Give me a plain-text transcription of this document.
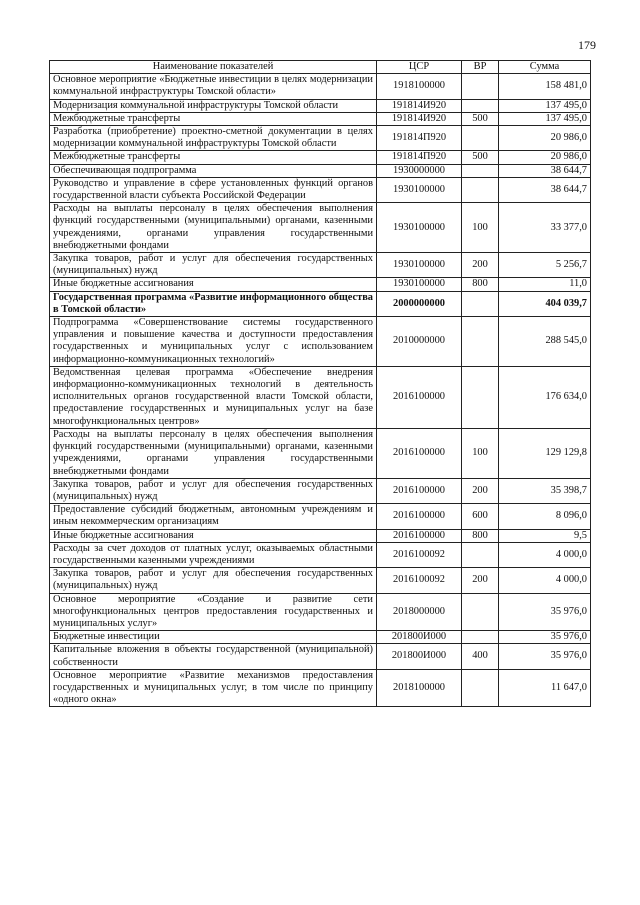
179
Наименование показателей	ЦСР	ВР	Сумма
Основное мероприятие «Бюджетные инвестиции в целях модернизации коммунальной инфраструктуры Томской области»	1918100000		158 481,0
Модернизация коммунальной инфраструктуры Томской области	191814И920		137 495,0
Межбюджетные трансферты	191814И920	500	137 495,0
Разработка (приобретение) проектно-сметной документации в целях модернизации коммунальной инфраструктуры Томской области	191814П920		20 986,0
Межбюджетные трансферты	191814П920	500	20 986,0
Обеспечивающая подпрограмма	1930000000		38 644,7
Руководство и управление в сфере установленных функций органов государственной власти субъекта Российской Федерации	1930100000		38 644,7
Расходы на выплаты персоналу в целях обеспечения выполнения функций государственными (муниципальными) органами, казенными учреждениями, органами управления государственными внебюджетными фондами	1930100000	100	33 377,0
Закупка товаров, работ и услуг для обеспечения государственных (муниципальных) нужд	1930100000	200	5 256,7
Иные бюджетные ассигнования	1930100000	800	11,0
Государственная программа «Развитие информационного общества в Томской области»	2000000000		404 039,7
Подпрограмма «Совершенствование системы государственного управления и повышение качества и доступности предоставления государственных и муниципальных услуг с использованием информационно-коммуникационных технологий»	2010000000		288 545,0
Ведомственная целевая программа «Обеспечение внедрения информационно-коммуникационных технологий в деятельность исполнительных органов государственной власти Томской области, предоставление государственных и муниципальных услуг на базе многофункциональных центров»	2016100000		176 634,0
Расходы на выплаты персоналу в целях обеспечения выполнения функций государственными (муниципальными) органами, казенными учреждениями, органами управления государственными внебюджетными фондами	2016100000	100	129 129,8
Закупка товаров, работ и услуг для обеспечения государственных (муниципальных) нужд	2016100000	200	35 398,7
Предоставление субсидий бюджетным, автономным учреждениям и иным некоммерческим организациям	2016100000	600	8 096,0
Иные бюджетные ассигнования	2016100000	800	9,5
Расходы за счет доходов от платных услуг, оказываемых областными государственными казенными учреждениями	2016100092		4 000,0
Закупка товаров, работ и услуг для обеспечения государственных (муниципальных) нужд	2016100092	200	4 000,0
Основное мероприятие «Создание и развитие сети многофункциональных центров предоставления государственных и муниципальных услуг»	2018000000		35 976,0
Бюджетные инвестиции	201800И000		35 976,0
Капитальные вложения в объекты государственной (муниципальной) собственности	201800И000	400	35 976,0
Основное мероприятие «Развитие механизмов предоставления государственных и муниципальных услуг, в том числе по принципу «одного окна»	2018100000		11 647,0
